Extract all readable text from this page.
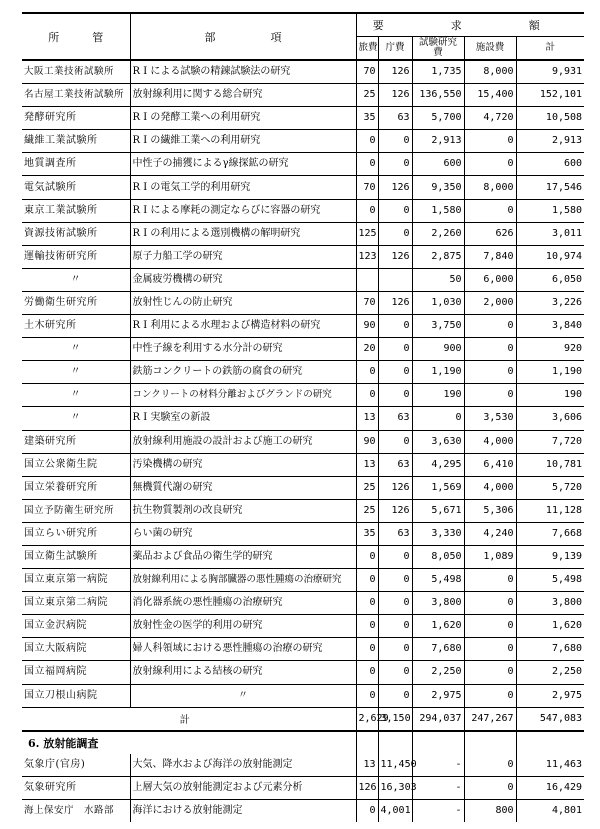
所　　　管	部　　　　　項	要　求　額				
		旅費	庁費	試験研究費	施設費	計
大阪工業技術試験所	R I による試験の精錬試験法の研究	70	126	1,735	8,000	9,931
名古屋工業技術試験所	放射線利用に関する総合研究	25	126	136,550	15,400	152,101
発酵研究所	R I の発酵工業への利用研究	35	63	5,700	4,720	10,508
繊維工業試験所	R I の繊維工業への利用研究	0	0	2,913	0	2,913
地質調査所	中性子の捕獲によるγ線探鉱の研究	0	0	600	0	600
電気試験所	R I の電気工学的利用研究	70	126	9,350	8,000	17,546
東京工業試験所	R I による摩耗の測定ならびに容器の研究	0	0	1,580	0	1,580
資源技術試験所	R I の利用による選別機構の解明研究	125	0	2,260	626	3,011
運輸技術研究所	原子力船工学の研究	123	126	2,875	7,840	10,974
〃	金属疲労機構の研究			50	6,000	6,050
労働衛生研究所	放射性じんの防止研究	70	126	1,030	2,000	3,226
土木研究所	R I 利用による水理および構造材料の研究	90	0	3,750	0	3,840
〃	中性子線を利用する水分計の研究	20	0	900	0	920
〃	鉄筋コンクリートの鉄筋の腐食の研究	0	0	1,190	0	1,190
〃	コンクリートの材料分離およびグランドの研究	0	0	190	0	190
〃	R I 実験室の新設	13	63	0	3,530	3,606
建築研究所	放射線利用施設の設計および施工の研究	90	0	3,630	4,000	7,720
国立公衆衛生院	汚染機構の研究	13	63	4,295	6,410	10,781
国立栄養研究所	無機質代謝の研究	25	126	1,569	4,000	5,720
国立予防衛生研究所	抗生物質製剤の改良研究	25	126	5,671	5,306	11,128
国立らい研究所	らい菌の研究	35	63	3,330	4,240	7,668
国立衛生試験所	薬品および食品の衛生学的研究	0	0	8,050	1,089	9,139
国立東京第一病院	放射線利用による胸部臓器の悪性腫瘍の治療研究	0	0	5,498	0	5,498
国立東京第二病院	消化器系統の悪性腫瘍の治療研究	0	0	3,800	0	3,800
国立金沢病院	放射性金の医学的利用の研究	0	0	1,620	0	1,620
国立大阪病院	婦人科領域における悪性腫瘍の治療の研究	0	0	7,680	0	7,680
国立福岡病院	放射線利用による結核の研究	0	0	2,250	0	2,250
国立刀根山病院	〃	0	0	2,975	0	2,975
計		2,629	3,150	294,037	247,267	547,083
6. 放射能調査						
気象庁(官房)	大気、降水および海洋の放射能測定	13	11,450	-	0	11,463
気象研究所	上層大気の放射能測定および元素分析	126	16,303	-	0	16,429
海上保安庁　水路部	海洋における放射能測定	0	4,001	-	800	4,801
